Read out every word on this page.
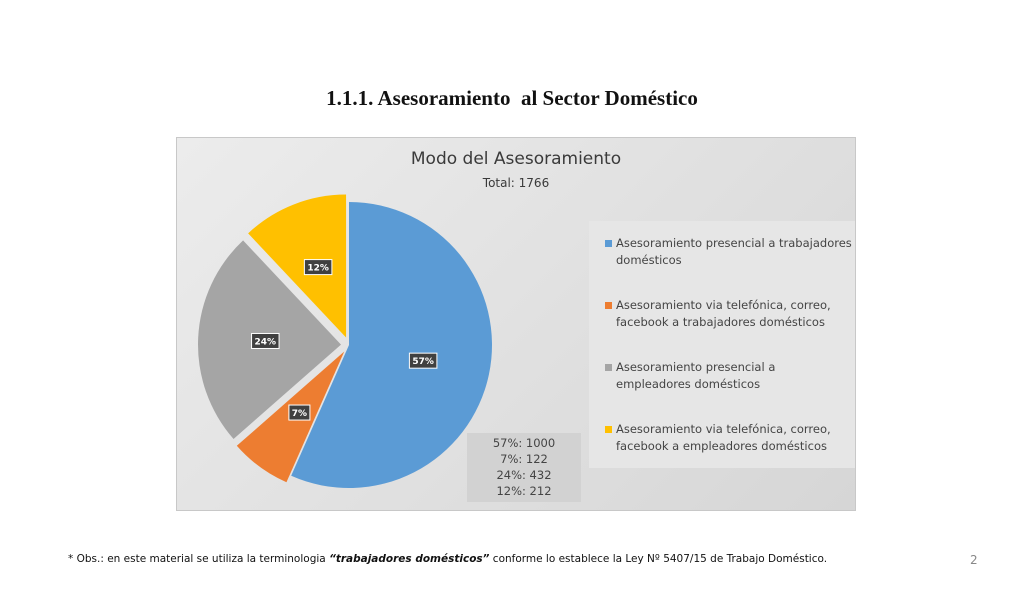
1.1.1. Asesoramiento  al Sector Doméstico
Modo del Asesoramiento
Total: 1766
57%
7%
24%
12%
57%: 1000
7%: 122
24%: 432
12%: 212
Asesoramiento presencial a trabajadores domésticos
Asesoramiento via telefónica, correo, facebook a trabajadores domésticos
Asesoramiento presencial a empleadores domésticos
Asesoramiento via telefónica, correo, facebook a empleadores domésticos
* Obs.: en este material se utiliza la terminologia “trabajadores domésticos” conforme lo establece la Ley Nº 5407/15 de Trabajo Doméstico.	2
